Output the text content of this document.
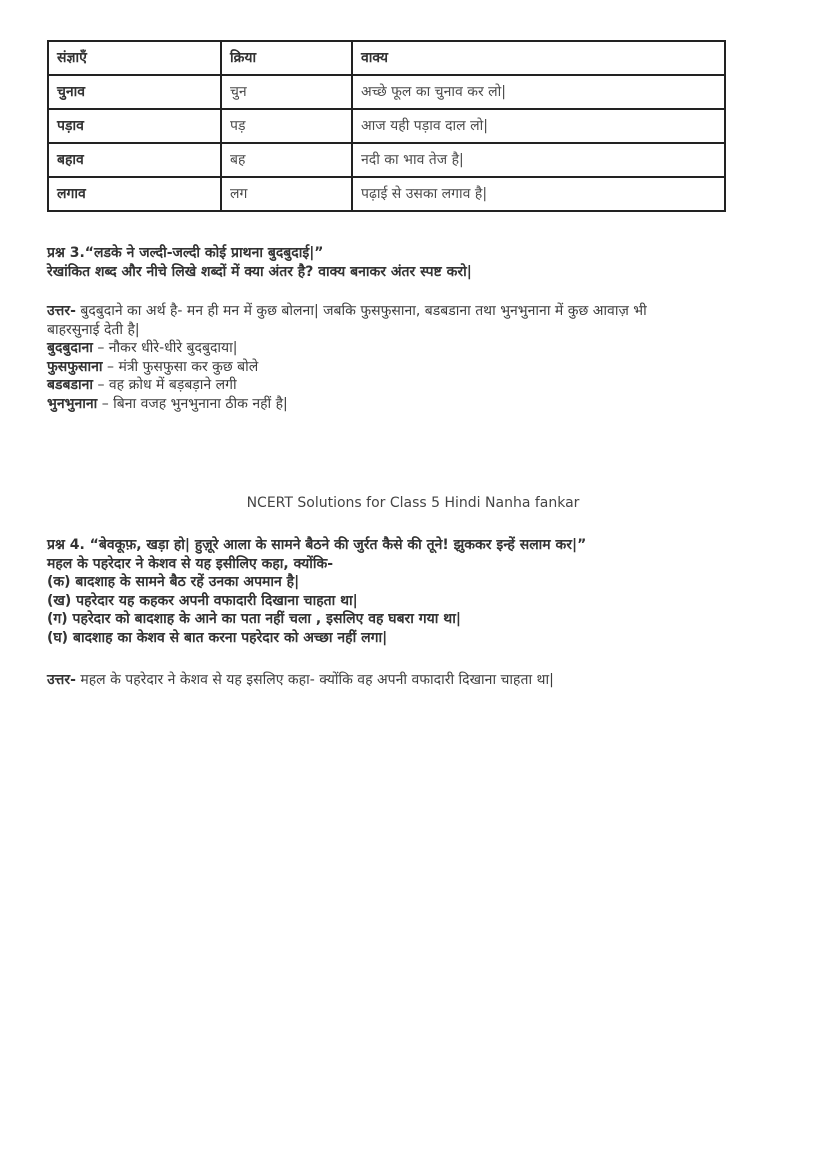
संज्ञाएँ	क्रिया	वाक्य
चुनाव	चुन	अच्छे फूल का चुनाव कर लो|
पड़ाव	पड़	आज यही पड़ाव दाल लो|
बहाव	बह	नदी का भाव तेज है|
लगाव	लग	पढ़ाई से उसका लगाव है|
प्रश्न 3.“लडके ने जल्दी-जल्दी कोई प्राथना बुदबुदाई|”
रेखांकित शब्द और नीचे लिखे शब्दों में क्या अंतर है? वाक्य बनाकर अंतर स्पष्ट करो|
उत्तर- बुदबुदाने का अर्थ है- मन ही मन में कुछ बोलना| जबकि फुसफुसाना, बडबडाना तथा भुनभुनाना में कुछ आवाज़ भी
बाहरसुनाई देती है|
बुदबुदाना – नौकर धीरे-धीरे बुदबुदाया|
फुसफुसाना – मंत्री फुसफुसा कर कुछ बोले
बडबडाना – वह क्रोध में बड़बड़ाने लगी
भुनभुनाना – बिना वजह भुनभुनाना ठीक नहीं है|
NCERT Solutions for Class 5 Hindi Nanha fankar
प्रश्न 4. “बेवकूफ़, खड़ा हो| हुज़ूरे आला के सामने बैठने की जुर्रत कैसे की तूने! झुककर इन्हें सलाम कर|”
महल के पहरेदार ने केशव से यह इसीलिए कहा, क्योंकि-
(क) बादशाह के सामने बैठ रहें उनका अपमान है|
(ख) पहरेदार यह कहकर अपनी वफादारी दिखाना चाहता था|
(ग) पहरेदार को बादशाह के आने का पता नहीं चला , इसलिए वह घबरा गया था|
(घ) बादशाह का केशव से बात करना पहरेदार को अच्छा नहीं लगा|
उत्तर- महल के पहरेदार ने केशव से यह इसलिए कहा- क्योंकि वह अपनी वफादारी दिखाना चाहता था|
